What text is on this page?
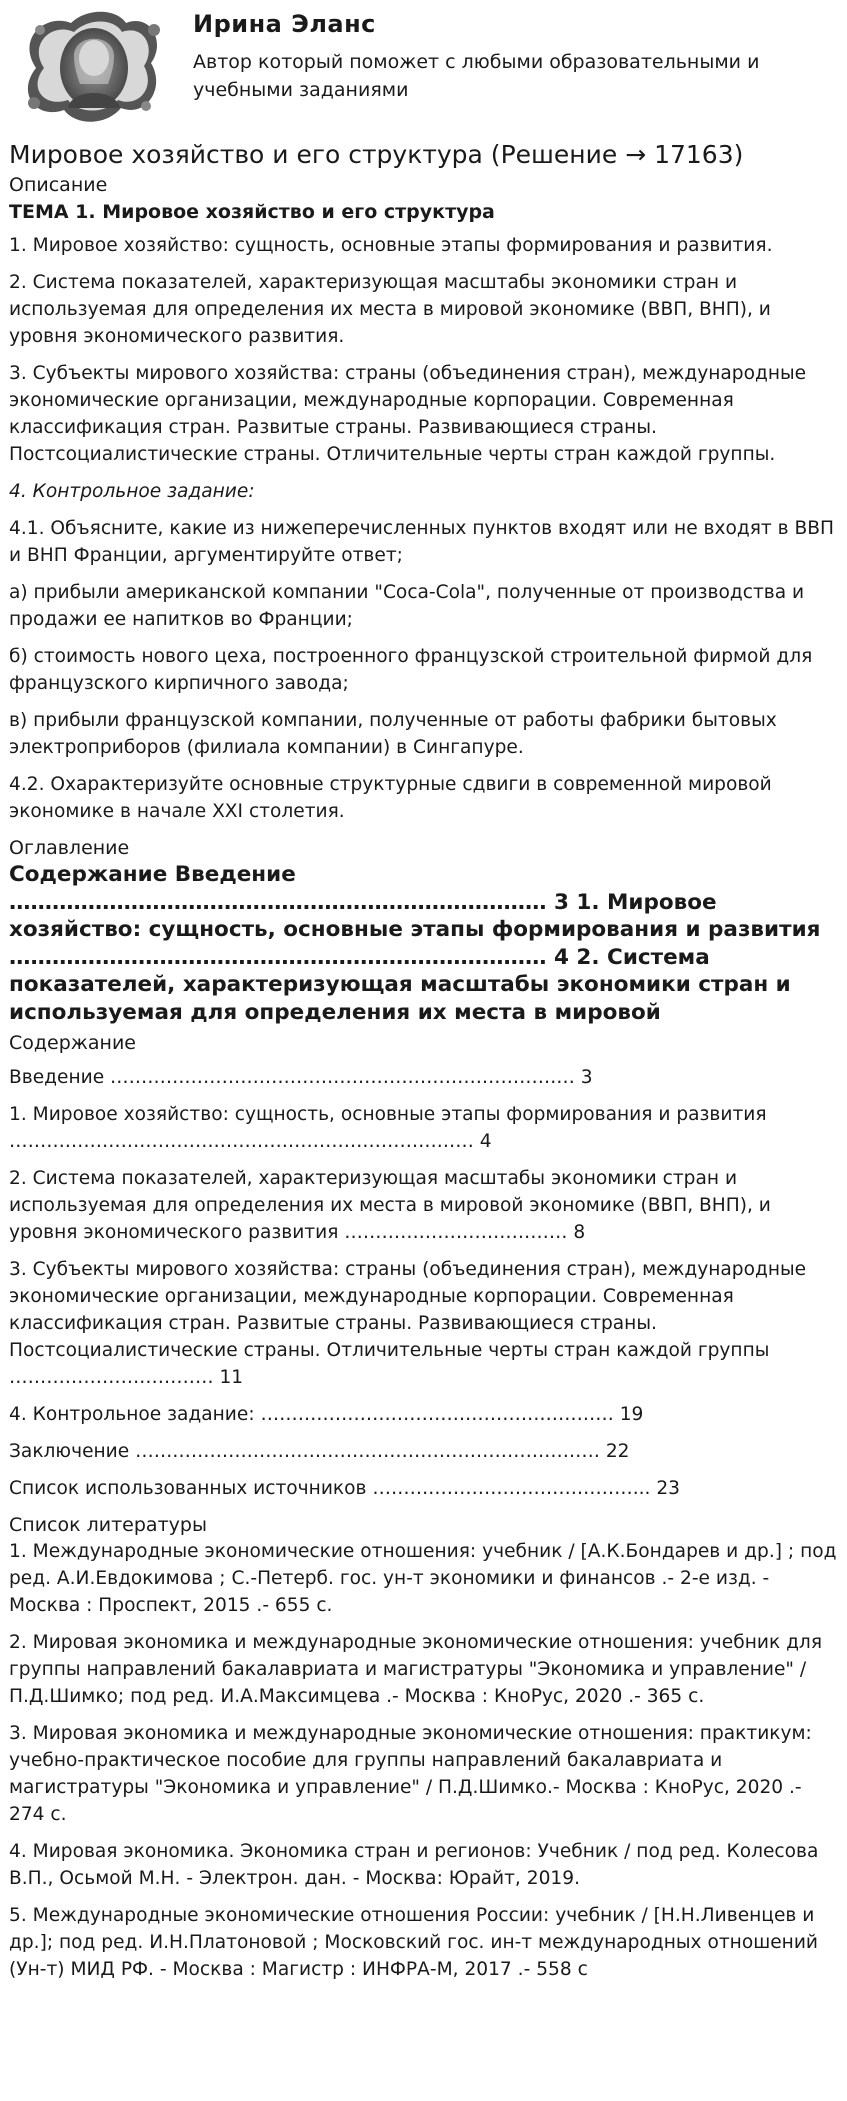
Ирина Эланс
Автор который поможет с любыми образовательными и учебными заданиями
Мировое хозяйство и его структура (Решение → 17163)
Описание
ТЕМА 1. Мировое хозяйство и его структура

1. Мировое хозяйство: сущность, основные этапы формирования и развития.

2. Система показателей, характеризующая масштабы экономики стран и используемая для определения их места в мировой экономике (ВВП, ВНП), и уровня экономического развития.

3. Субъекты мирового хозяйства: страны (объединения стран), международные экономические организации, международные корпорации. Современная классификация стран. Развитые страны. Развивающиеся страны. Постсоциалистические страны. Отличительные черты стран каждой группы.

4. Контрольное задание:

4.1. Объясните, какие из нижеперечисленных пунктов входят или не входят в ВВП и ВНП Франции, аргументируйте ответ;

а) прибыли американской компании "Coca-Cola", полученные от производства и продажи ее напитков во Франции;

б) стоимость нового цеха, построенного французской строительной фирмой для французского кирпичного завода;

в) прибыли французской компании, полученные от работы фабрики бытовых электроприборов (филиала компании) в Сингапуре.

4.2. Охарактеризуйте основные структурные сдвиги в современной мировой экономике в начале XXI столетия.

Оглавление
Содержание Введение ………………………………………………………………… 3 1. Мировое хозяйство: сущность, основные этапы формирования и развития ………………………………………………………………… 4 2. Система показателей, характеризующая масштабы экономики стран и используемая для определения их места в мировой
Содержание

Введение ………………………………………………………………… 3

1. Мировое хозяйство: сущность, основные этапы формирования и развития ………………………………………………………………… 4

2. Система показателей, характеризующая масштабы экономики стран и используемая для определения их места в мировой экономике (ВВП, ВНП), и уровня экономического развития ……………………………… 8

3. Субъекты мирового хозяйства: страны (объединения стран), международные экономические организации, международные корпорации. Современная классификация стран. Развитые страны. Развивающиеся страны. Постсоциалистические страны. Отличительные черты стран каждой группы …………………………… 11

4. Контрольное задание: ………………………………………………… 19

Заключение ………………………………………………………………… 22

Список использованных источников ……………………………………... 23

Список литературы

1. Международные экономические отношения: учебник / [А.К.Бондарев и др.] ; под ред. А.И.Евдокимова ; С.-Петерб. гос. ун-т экономики и финансов .- 2-е изд. - Москва : Проспект, 2015 .- 655 с.

2. Мировая экономика и международные экономические отношения: учебник для группы направлений бакалавриата и магистратуры "Экономика и управление" / П.Д.Шимко; под ред. И.А.Максимцева .- Москва : КноРус, 2020 .- 365 с.

3. Мировая экономика и международные экономические отношения: практикум: учебно-практическое пособие для группы направлений бакалавриата и магистратуры "Экономика и управление" / П.Д.Шимко.- Москва : КноРус, 2020 .- 274 с.

4. Мировая экономика. Экономика стран и регионов: Учебник / под ред. Колесова В.П., Осьмой М.Н. - Электрон. дан. - Москва: Юрайт, 2019.

5. Международные экономические отношения России: учебник / [Н.Н.Ливенцев и др.]; под ред. И.Н.Платоновой ; Московский гос. ин-т международных отношений (Ун-т) МИД РФ. - Москва : Магистр : ИНФРА-М, 2017 .- 558 с
